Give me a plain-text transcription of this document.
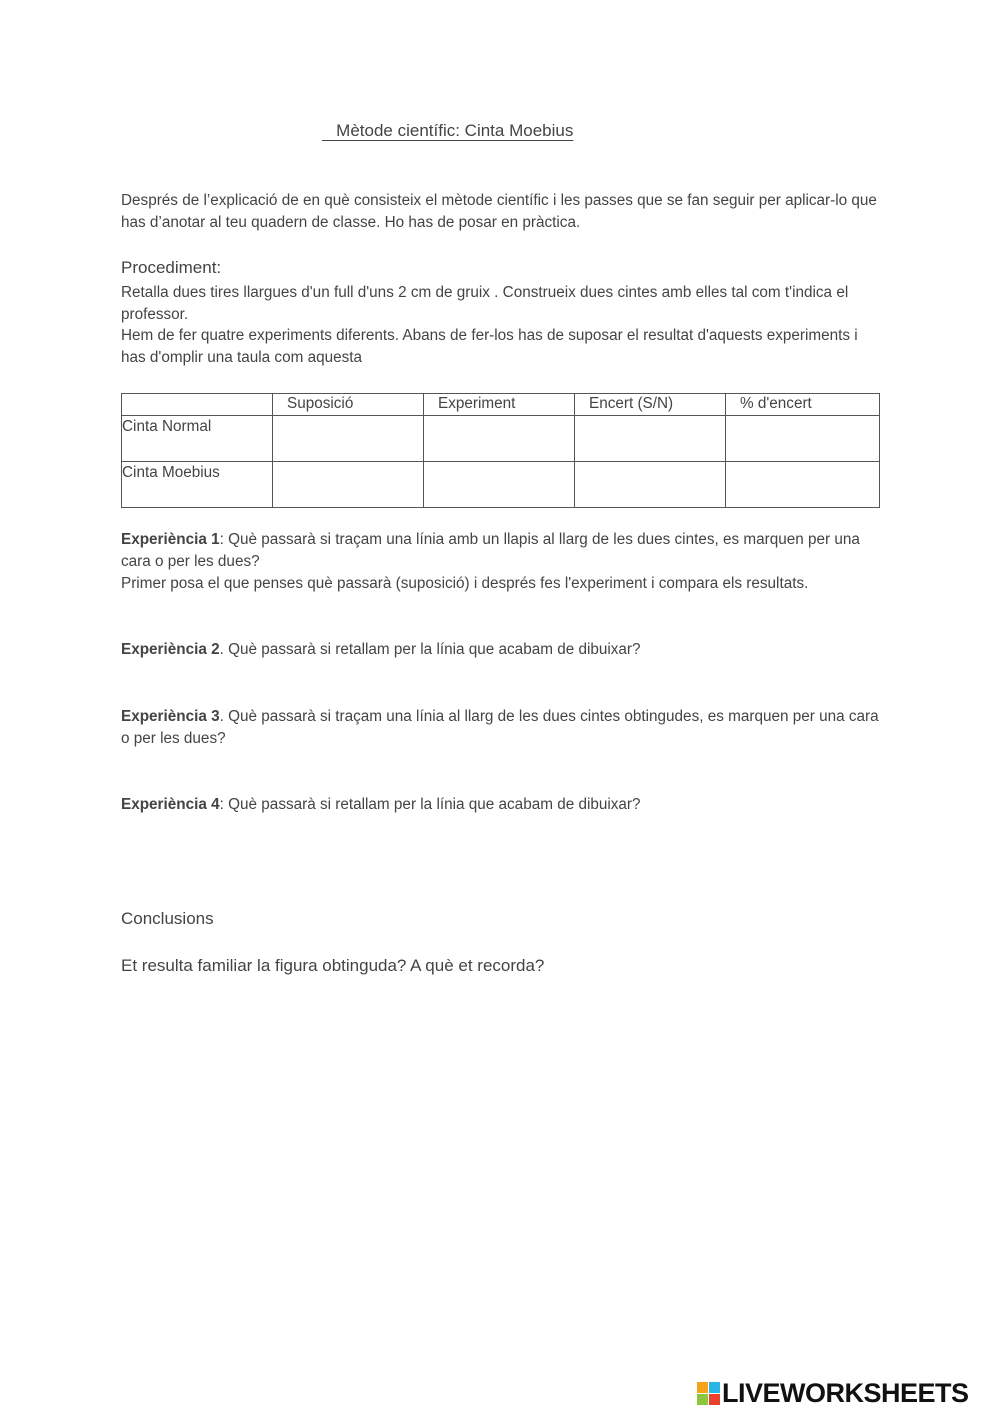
Mètode científic: Cinta Moebius
Després de l’explicació de en què consisteix el mètode científic i les passes que se fan seguir per aplicar-lo que has d’anotar al teu quadern de classe. Ho has de posar en pràctica.
Procediment:
Retalla dues tires llargues d'un full d'uns 2 cm de gruix . Construeix dues cintes amb elles tal com t'indica el professor.
Hem de fer quatre experiments diferents. Abans de fer-los has de suposar el resultat d'aquests experiments i has d'omplir una taula com aquesta
	Suposició	Experiment	Encert (S/N)	% d'encert
Cinta Normal				
Cinta Moebius				
Experiència 1: Què passarà si traçam una línia amb un llapis al llarg de les dues cintes, es marquen per una cara o per les dues?
Primer posa el que penses què passarà (suposició) i després fes l'experiment i compara els resultats.
Experiència 2. Què passarà si retallam per la línia que acabam de dibuixar?
Experiència 3. Què passarà si traçam una línia al llarg de les dues cintes obtingudes, es marquen per una cara o per les dues?
Experiència 4: Què passarà si retallam per la línia que acabam de dibuixar?
Conclusions
Et resulta familiar la figura obtinguda? A què et recorda?
LIVEWORKSHEETS
